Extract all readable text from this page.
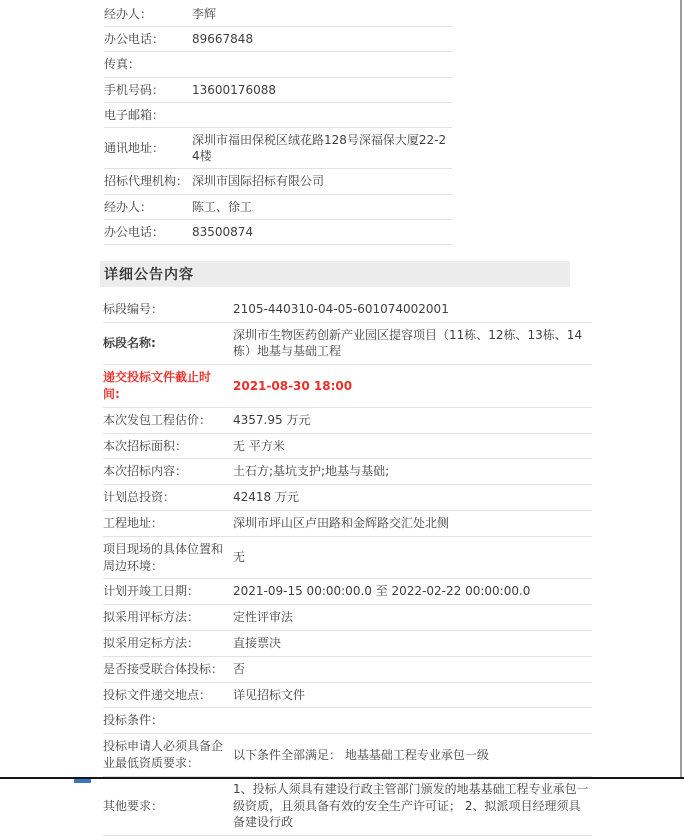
经办人：	李辉
办公电话：	89667848
传真：	
手机号码：	13600176088
电子邮箱：	
通讯地址：	深圳市福田保税区绒花路128号深福保大厦22-24楼
招标代理机构：	深圳市国际招标有限公司
经办人：	陈工、徐工
办公电话：	83500874
详细公告内容
标段编号：	2105-440310-04-05-601074002001
标段名称:	深圳市生物医药创新产业园区提容项目（11栋、12栋、13栋、14栋）地基与基础工程
递交投标文件截止时间:	2021-08-30 18:00
本次发包工程估价：	4357.95 万元
本次招标面积：	无 平方米
本次招标内容：	土石方;基坑支护;地基与基础;
计划总投资：	42418 万元
工程地址：	深圳市坪山区卢田路和金辉路交汇处北侧
项目现场的具体位置和周边环境：	无
计划开竣工日期：	2021-09-15 00:00:00.0 至 2022-02-22 00:00:00.0
拟采用评标方法：	定性评审法
拟采用定标方法：	直接票决
是否接受联合体投标：	否
投标文件递交地点：	详见招标文件
投标条件：	
投标申请人必须具备企业最低资质要求：	以下条件全部满足： 地基基础工程专业承包一级
其他要求：	1、投标人须具有建设行政主管部门颁发的地基基础工程专业承包一级资质，且须具备有效的安全生产许可证； 2、拟派项目经理须具备建设行政
